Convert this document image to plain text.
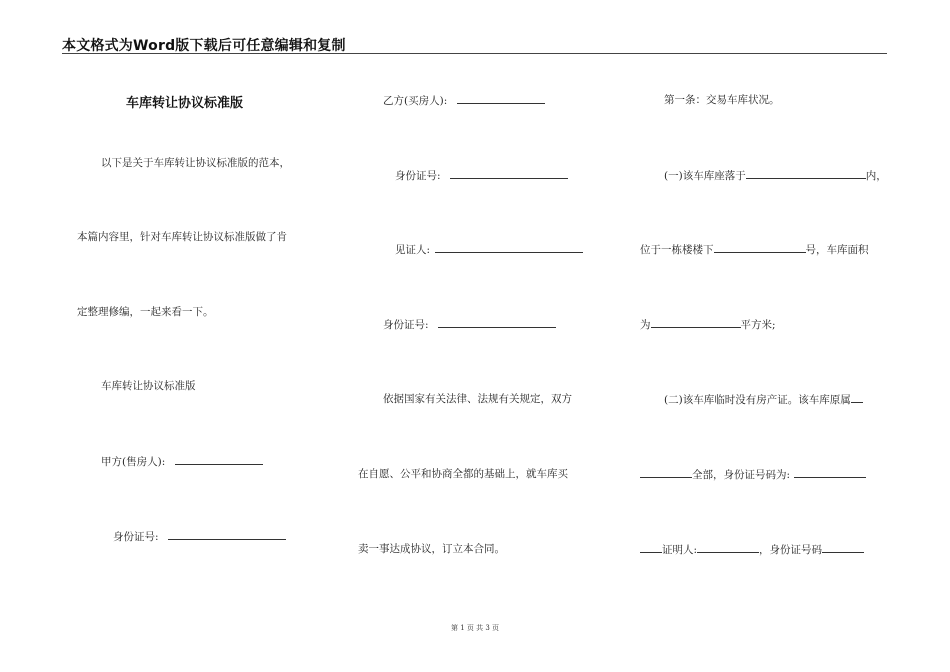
本文格式为Word版下载后可任意编辑和复制
车库转让协议标准版
以下是关于车库转让协议标准版的范本，
本篇内容里，针对车库转让协议标准版做了肯
定整理修编，一起来看一下。
车库转让协议标准版
甲方(售房人):
身份证号:
乙方(买房人):
身份证号:
见证人:
身份证号:
依据国家有关法律、法规有关规定，双方
在自愿、公平和协商全都的基础上，就车库买
卖一事达成协议，订立本合同。
第一条：交易车库状况。
(一)该车库座落于	内，
位于一栋楼楼下	号，车库面积
为	平方米;
(二)该车库临时没有房产证。该车库原属
全部，身份证号码为:
证明人:	，身份证号码
第 1 页 共 3 页
